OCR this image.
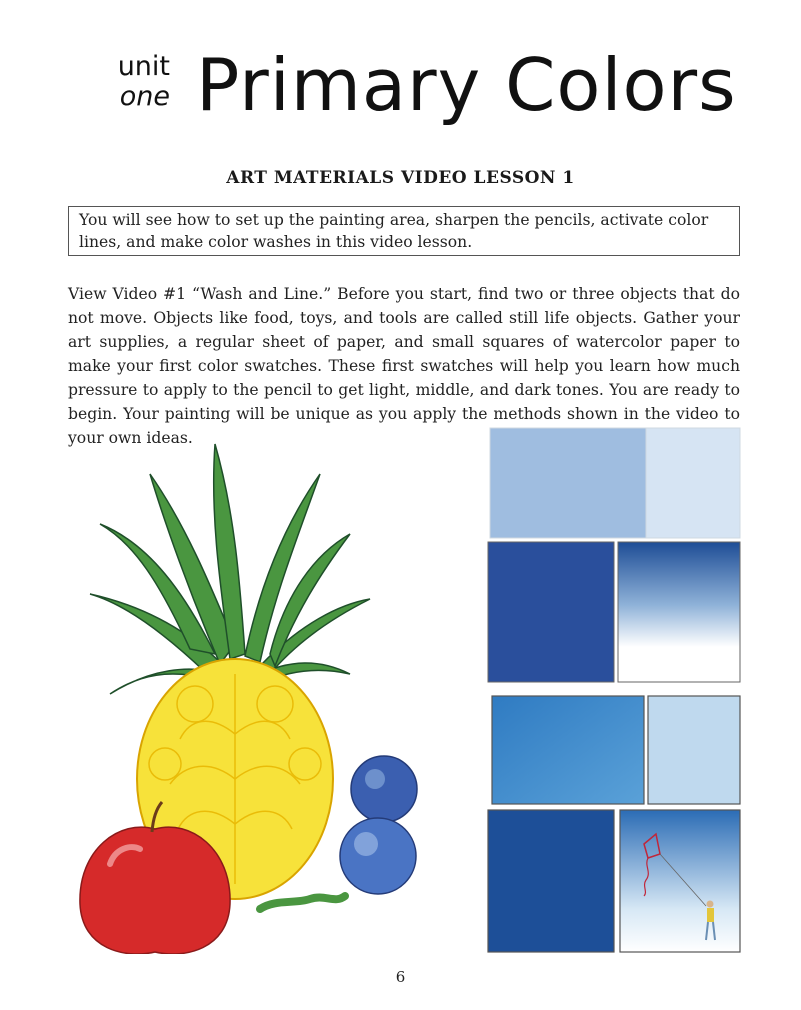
unit
one Primary Colors
ART MATERIALS VIDEO LESSON 1
You will see how to set up the painting area, sharpen the pencils, activate color lines, and make color washes in this video lesson.
View Video #1 “Wash and Line.” Before you start, find two or three objects that do not move. Objects like food, toys, and tools are called still life objects. Gather your art supplies, a regular sheet of paper, and small squares of watercolor paper to make your first color swatches. These first swatches will help you learn how much pressure to apply to the pencil to get light, middle, and dark tones. You are ready to begin. Your painting will be unique as you apply the methods shown in the video to your own ideas.
6
